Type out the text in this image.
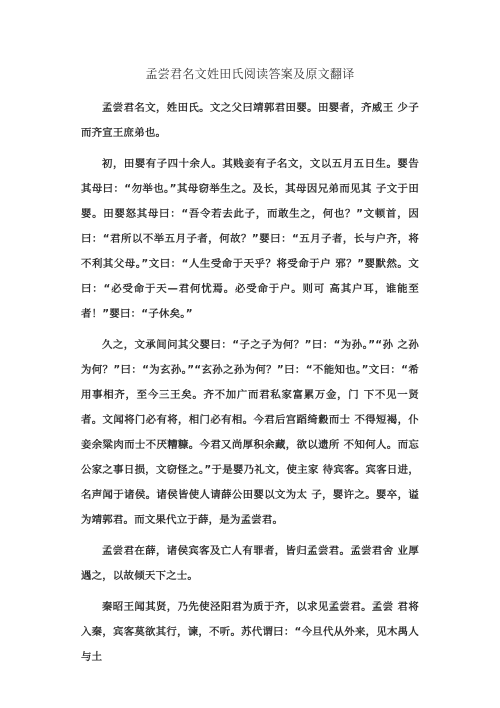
孟尝君名文姓田氏阅读答案及原文翻译

孟尝君名文，姓田氏。文之父曰靖郭君田婴。田婴者，齐威王 少子而齐宣王庶弟也。

初，田婴有子四十余人。其贱妾有子名文，文以五月五日生。婴告其母曰：“勿举也。”其母窃举生之。及长，其母因兄弟而见其 子文于田婴。田婴怒其母曰：“吾令若去此子，而敢生之，何也？”文顿首，因曰：“君所以不举五月子者，何故？”婴曰：“五月子者，长与户齐，将不利其父母。”文曰：“人生受命于天乎？将受命于户 邪？”婴默然。文曰：“必受命于天—君何忧焉。必受命于户。则可 高其户耳，谁能至者！”婴曰：“子休矣。”

久之，文承间问其父婴曰：“子之子为何？”曰：“为孙。”“孙 之孙为何？”曰：“为玄孙。”“玄孙之孙为何？”曰：“不能知也。”文曰：“希用事相齐，至今三王矣。齐不加广而君私家富累万金，门 下不见一贤者。文闻将门必有将，相门必有相。今君后宫蹈绮縠而士 不得短褐，仆妾余粱肉而士不厌糟糠。今君又尚厚积余藏，欲以遗所 不知何人。而忘公家之事日损，文窃怪之。”于是婴乃礼文，使主家 待宾客。宾客日进，名声闻于诸侯。诸侯皆使人请薛公田婴以文为太 子，婴许之。婴卒，谥为靖郭君。而文果代立于薛，是为孟尝君。

孟尝君在薛，诸侯宾客及亡人有罪者，皆归孟尝君。孟尝君舍 业厚遇之，以故倾天下之士。

秦昭王闻其贤，乃先使泾阳君为质于齐，以求见孟尝君。孟尝 君将入秦，宾客莫欲其行，谏，不听。苏代谓曰：“今旦代从外来，见木禺人与土
